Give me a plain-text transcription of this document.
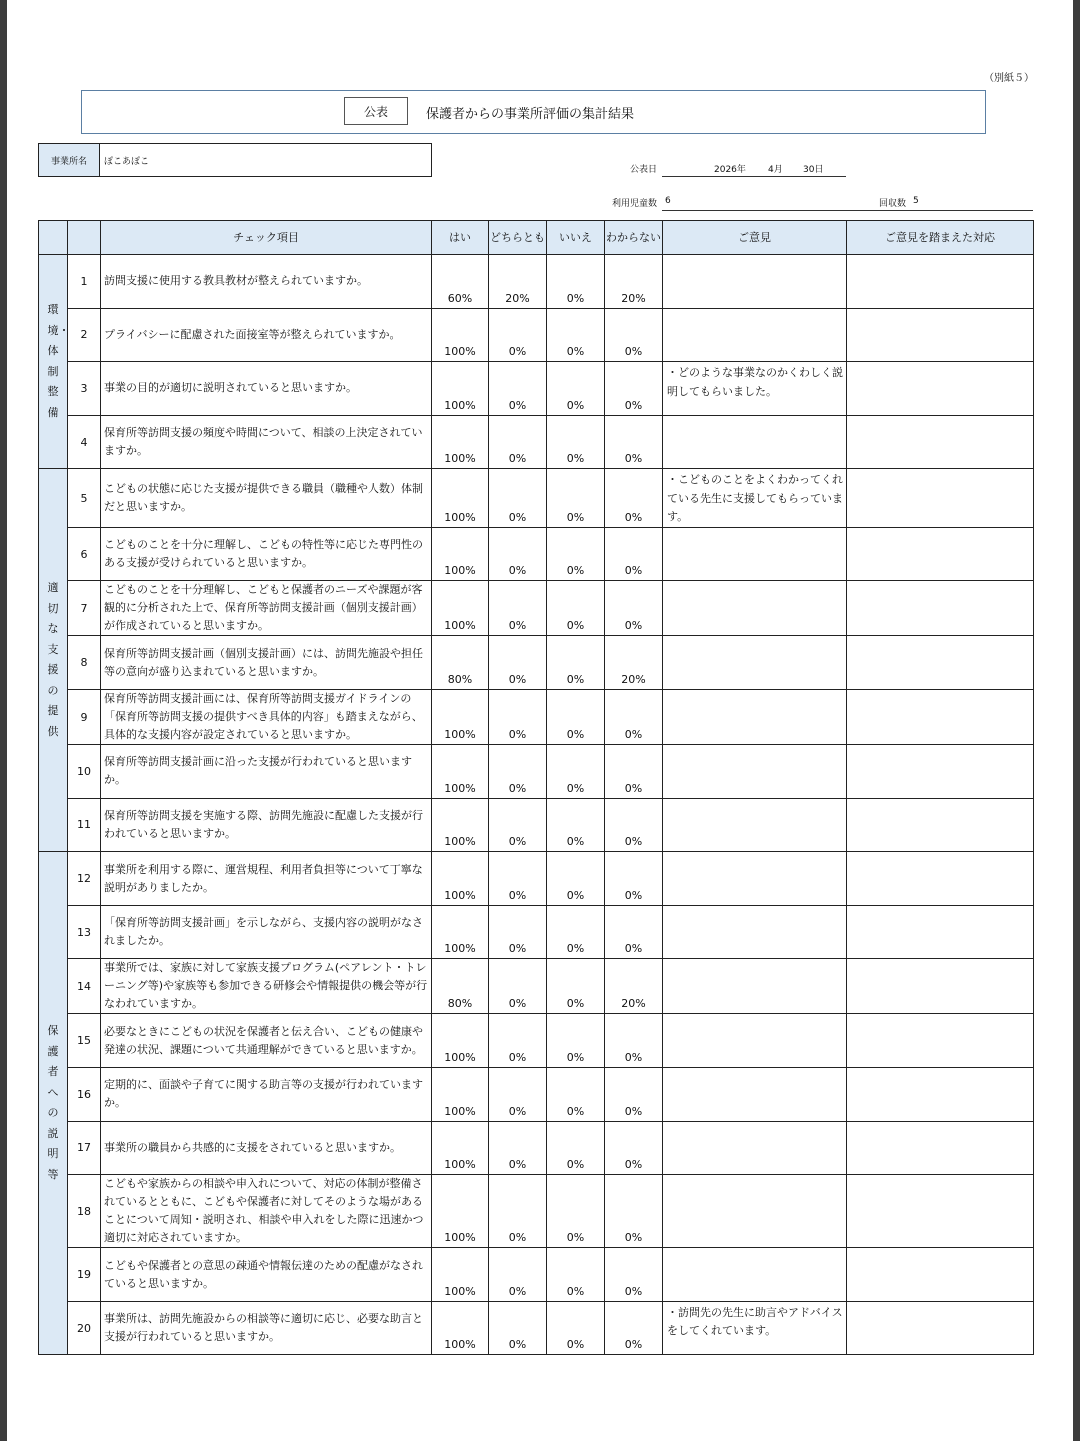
（別紙５）
公表	保護者からの事業所評価の集計結果
事業所名	ぽこあぽこ
公表日	2026年 4月 30日
利用児童数 6	回収数 5
		チェック項目	はい	どちらとも	いいえ	わからない	ご意見	ご意見を踏まえた対応

環境・体制整備	1	訪問支援に使用する教具教材が整えられていますか。	60%	20%	0%	20%		
	2	プライバシーに配慮された面接室等が整えられていますか。	100%	0%	0%	0%		
	3	事業の目的が適切に説明されていると思いますか。	100%	0%	0%	0%	・どのような事業なのかくわしく説明してもらいました。	
	4	保育所等訪問支援の頻度や時間について、相談の上決定されていますか。	100%	0%	0%	0%		

適切な支援の提供	5	こどもの状態に応じた支援が提供できる職員（職種や人数）体制だと思いますか。	100%	0%	0%	0%	・こどものことをよくわかってくれている先生に支援してもらっています。	
	6	こどものことを十分に理解し、こどもの特性等に応じた専門性のある支援が受けられていると思いますか。	100%	0%	0%	0%		
	7	こどものことを十分理解し、こどもと保護者のニーズや課題が客観的に分析された上で、保育所等訪問支援計画（個別支援計画）が作成されていると思いますか。	100%	0%	0%	0%		
	8	保育所等訪問支援計画（個別支援計画）には、訪問先施設や担任等の意向が盛り込まれていると思いますか。	80%	0%	0%	20%		
	9	保育所等訪問支援計画には、保育所等訪問支援ガイドラインの「保育所等訪問支援の提供すべき具体的内容」も踏まえながら、具体的な支援内容が設定されていると思いますか。	100%	0%	0%	0%		
	10	保育所等訪問支援計画に沿った支援が行われていると思いますか。	100%	0%	0%	0%		
	11	保育所等訪問支援を実施する際、訪問先施設に配慮した支援が行われていると思いますか。	100%	0%	0%	0%		

保護者への説明等	12	事業所を利用する際に、運営規程、利用者負担等について丁寧な説明がありましたか。	100%	0%	0%	0%		
	13	「保育所等訪問支援計画」を示しながら、支援内容の説明がなされましたか。	100%	0%	0%	0%		
	14	事業所では、家族に対して家族支援プログラム(ペアレント・トレーニング等)や家族等も参加できる研修会や情報提供の機会等が行なわれていますか。	80%	0%	0%	20%		
	15	必要なときにこどもの状況を保護者と伝え合い、こどもの健康や発達の状況、課題について共通理解ができていると思いますか。	100%	0%	0%	0%		
	16	定期的に、面談や子育てに関する助言等の支援が行われていますか。	100%	0%	0%	0%		
	17	事業所の職員から共感的に支援をされていると思いますか。	100%	0%	0%	0%		
	18	こどもや家族からの相談や申入れについて、対応の体制が整備されているとともに、こどもや保護者に対してそのような場があることについて周知・説明され、相談や申入れをした際に迅速かつ適切に対応されていますか。	100%	0%	0%	0%		
	19	こどもや保護者との意思の疎通や情報伝達のための配慮がなされていると思いますか。	100%	0%	0%	0%		
	20	事業所は、訪問先施設からの相談等に適切に応じ、必要な助言と支援が行われていると思いますか。	100%	0%	0%	0%	・訪問先の先生に助言やアドバイスをしてくれています。	
